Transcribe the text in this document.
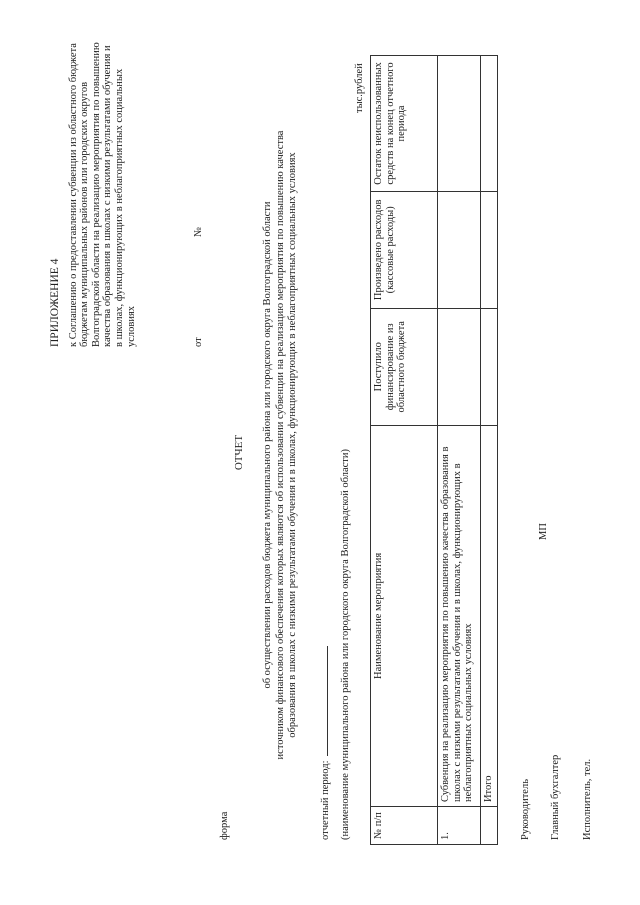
ПРИЛОЖЕНИЕ 4 к Соглашению о предоставлении субвенции из областного бюджета бюджетам муниципальных районов или городских округов Волгоградской области на реализацию мероприятия по повышению качества образования в школах с низкими результатами обучения и в школах, функционирующих в неблагоприятных социальных условиях	от
№
форма
ОТЧЕТ об осуществлении расходов бюджета муниципального района или городского округа Волгоградской области источником финансового обеспечения которых являются об использовании субвенции на реализацию мероприятия по повышению качества образования в школах с низкими результатами обучения и в школах, функционирующих в неблагоприятных социальных условиях
отчетный период: (наименование муниципального района или городского округа Волгоградской области)
тыс.рублей
№ п/п	Наименование мероприятия	Поступило финансирование из областного бюджета	Произведено расходов (кассовые расходы)	Остаток неиспользованных средств на конец отчетного периода
1.	Субвенция на реализацию мероприятия по повышению качества образования в школах с низкими результатами обучения и в школах, функционирующих в неблагоприятных социальных условиях			
	Итого			Руководитель
МП
Главный бухгалтер Исполнитель, тел.
